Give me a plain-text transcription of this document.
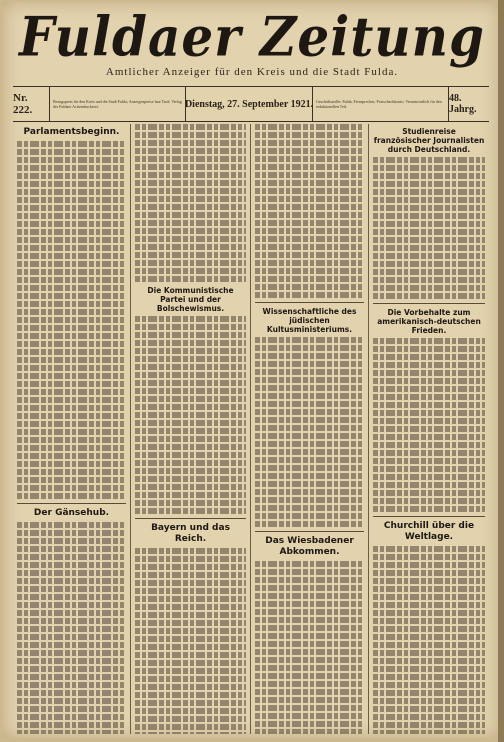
Fuldaer Zeitung
Amtlicher Anzeiger für den Kreis und die Stadt Fulda.
Nr. 222.
Bezugspreis für den Kreis und die Stadt Fulda; Anzeigenpreise laut Tarif; Verlag der Fuldaer Actiendruckerei.	Dienstag, 27. September 1921. Geschäftsstelle: Fulda; Fernsprecher; Postscheckkonto; Verantwortlich für den redaktionellen Teil.
48. Jahrg.
Parlamentsbeginn.
Der Gänsehub.
Die Kommunistische Partei und der Bolschewismus.
Bayern und das Reich.
Wissenschaftliche des jüdischen Kultusministeriums.
Das Wiesbadener Abkommen.
Studienreise französischer Journalisten durch Deutschland.
Die Vorbehalte zum amerikanisch-deutschen Frieden.
Churchill über die Weltlage.
